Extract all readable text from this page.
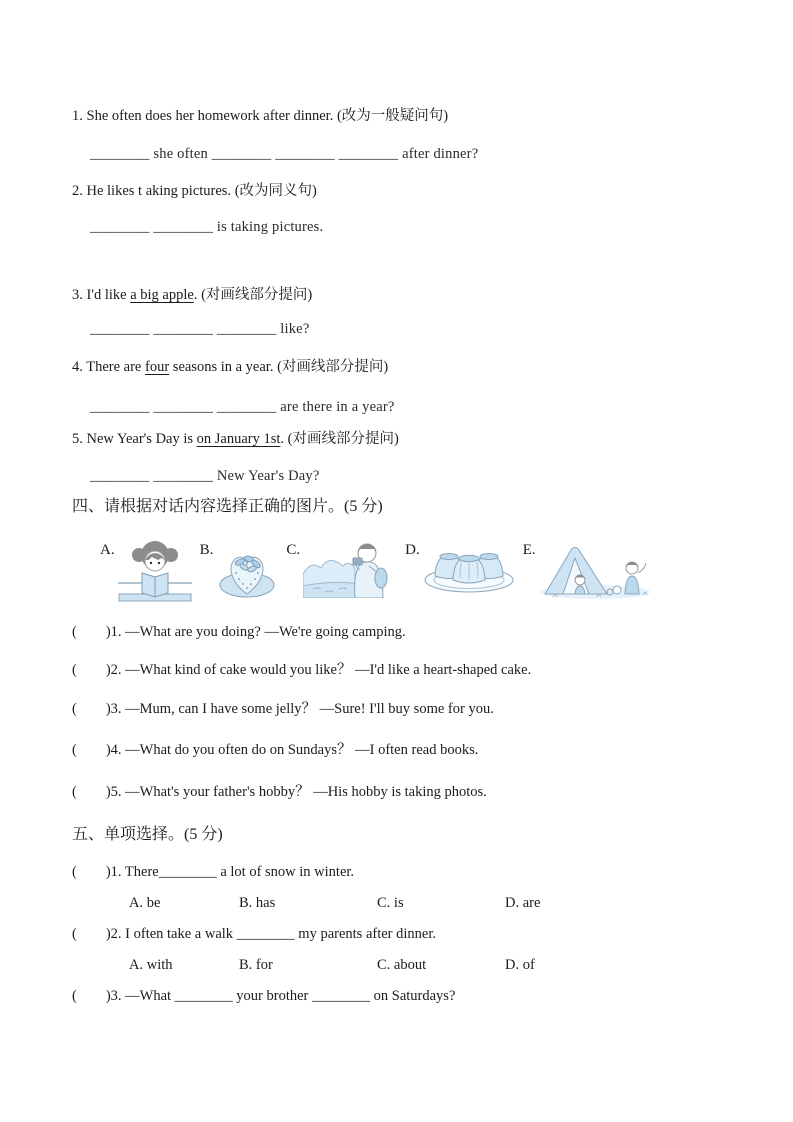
1. She often does her homework after dinner. (改为一般疑问句)
________ she often ________ ________ ________ after dinner?
2. He likes t aking pictures. (改为同义句)
________ ________ is taking pictures.
3. I'd like a big apple. (对画线部分提问)
________ ________ ________ like?
4. There are four seasons in a year. (对画线部分提问)
________ ________ ________ are there in a year?
5. New Year's Day is on January 1st. (对画线部分提问)
________ ________ New Year's Day?
四、请根据对话内容选择正确的图片。(5 分)
A.	B.	C.	D.	E.
(        )1. —What are you doing? —We're going camping.
(        )2. —What kind of cake would you like？ —I'd like a heart-shaped cake.
(        )3. —Mum, can I have some jelly？ —Sure! I'll buy some for you.
(        )4. —What do you often do on Sundays？ —I often read books.
(        )5. —What's your father's hobby？ —His hobby is taking photos.
五、单项选择。(5 分)
(        )1. There________ a lot of snow in winter.
A. be	B. has	C. is	D. are
(        )2. I often take a walk ________ my parents after dinner.
A. with	B. for	C. about	D. of
(        )3. —What ________ your brother ________ on Saturdays?
